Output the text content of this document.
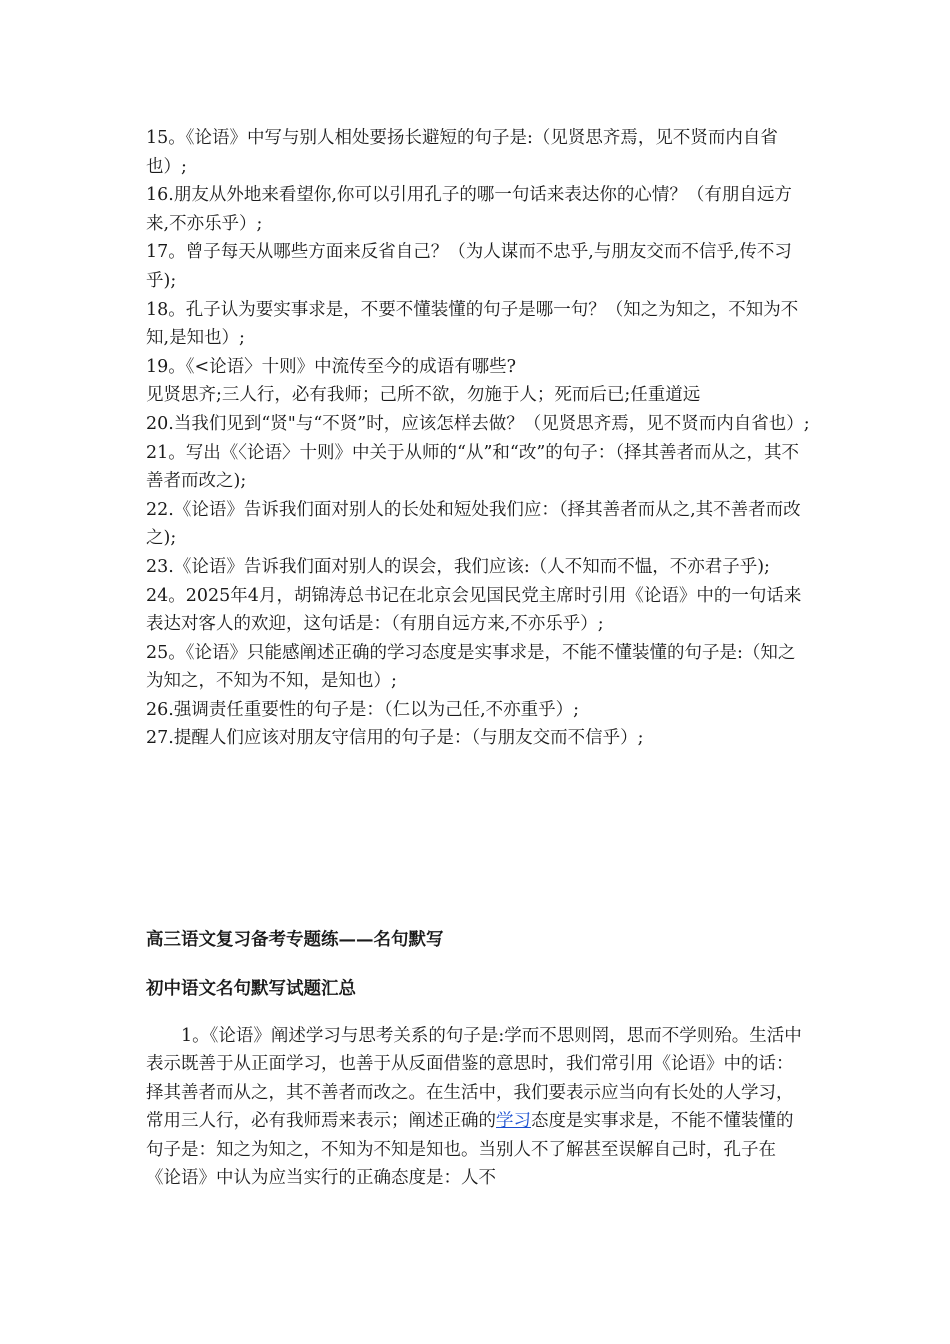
15。《论语》中写与别人相处要扬长避短的句子是:（见贤思齐焉，见不贤而内自省也）;

16.朋友从外地来看望你,你可以引用孔子的哪一句话来表达你的心情？（有朋自远方来,不亦乐乎）;

17。曾子每天从哪些方面来反省自己？（为人谋而不忠乎,与朋友交而不信乎,传不习乎);

18。孔子认为要实事求是，不要不懂装懂的句子是哪一句？（知之为知之，不知为不知,是知也）;

19。《<论语〉十则》中流传至今的成语有哪些?

见贤思齐;三人行，必有我师；己所不欲，勿施于人；死而后已;任重道远

20.当我们见到“贤"与“不贤”时，应该怎样去做？（见贤思齐焉，见不贤而内自省也）;

21。写出《〈论语〉十则》中关于从师的“从”和“改”的句子：（择其善者而从之，其不善者而改之);

22.《论语》告诉我们面对别人的长处和短处我们应：（择其善者而从之,其不善者而改之);

23.《论语》告诉我们面对别人的误会，我们应该:（人不知而不愠，不亦君子乎);

24。2025年4月，胡锦涛总书记在北京会见国民党主席时引用《论语》中的一句话来表达对客人的欢迎，这句话是：（有朋自远方来,不亦乐乎）;

25。《论语》只能感阐述正确的学习态度是实事求是，不能不懂装懂的句子是:（知之为知之，不知为不知，是知也）;

26.强调责任重要性的句子是：（仁以为己任,不亦重乎）;

27.提醒人们应该对朋友守信用的句子是：（与朋友交而不信乎）;

高三语文复习备考专题练——名句默写
初中语文名句默写试题汇总

1。《论语》阐述学习与思考关系的句子是:学而不思则罔，思而不学则殆。生活中表示既善于从正面学习，也善于从反面借鉴的意思时，我们常引用《论语》中的话：择其善者而从之，其不善者而改之。在生活中，我们要表示应当向有长处的人学习，常用三人行，必有我师焉来表示；阐述正确的学习态度是实事求是，不能不懂装懂的句子是：知之为知之，不知为不知是知也。当别人不了解甚至误解自己时，孔子在《论语》中认为应当实行的正确态度是：人不
